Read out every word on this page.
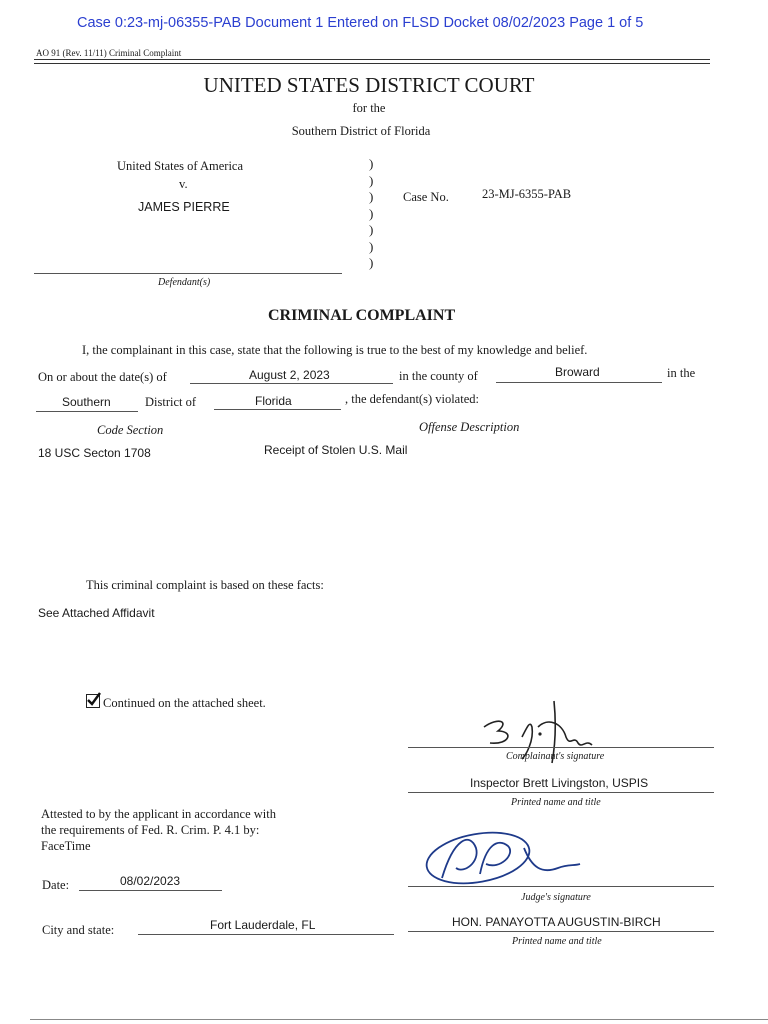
Case 0:23-mj-06355-PAB Document 1 Entered on FLSD Docket 08/02/2023 Page 1 of 5
AO 91 (Rev. 11/11) Criminal Complaint
UNITED STATES DISTRICT COURT
for the
Southern District of Florida
United States of America
v.
JAMES PIERRE
Defendant(s)
)
)
)
)
)
)
)
Case No.	23-MJ-6355-PAB
CRIMINAL COMPLAINT
I, the complainant in this case, state that the following is true to the best of my knowledge and belief.
On or about the date(s) of	August 2, 2023	in the county of	Broward	in the
Southern	District of	Florida	, the defendant(s) violated:
Code Section	Offense Description
18 USC Secton 1708	Receipt of Stolen U.S. Mail
This criminal complaint is based on these facts:
See Attached Affidavit
Continued on the attached sheet.
Complainant's signature
Inspector Brett Livingston, USPIS
Printed name and title
Attested to by the applicant in accordance with
the requirements of Fed. R. Crim. P. 4.1 by:
FaceTime
Judge's signature
Date:	08/02/2023
City and state:	Fort Lauderdale, FL	HON. PANAYOTTA AUGUSTIN-BIRCH
Printed name and title
